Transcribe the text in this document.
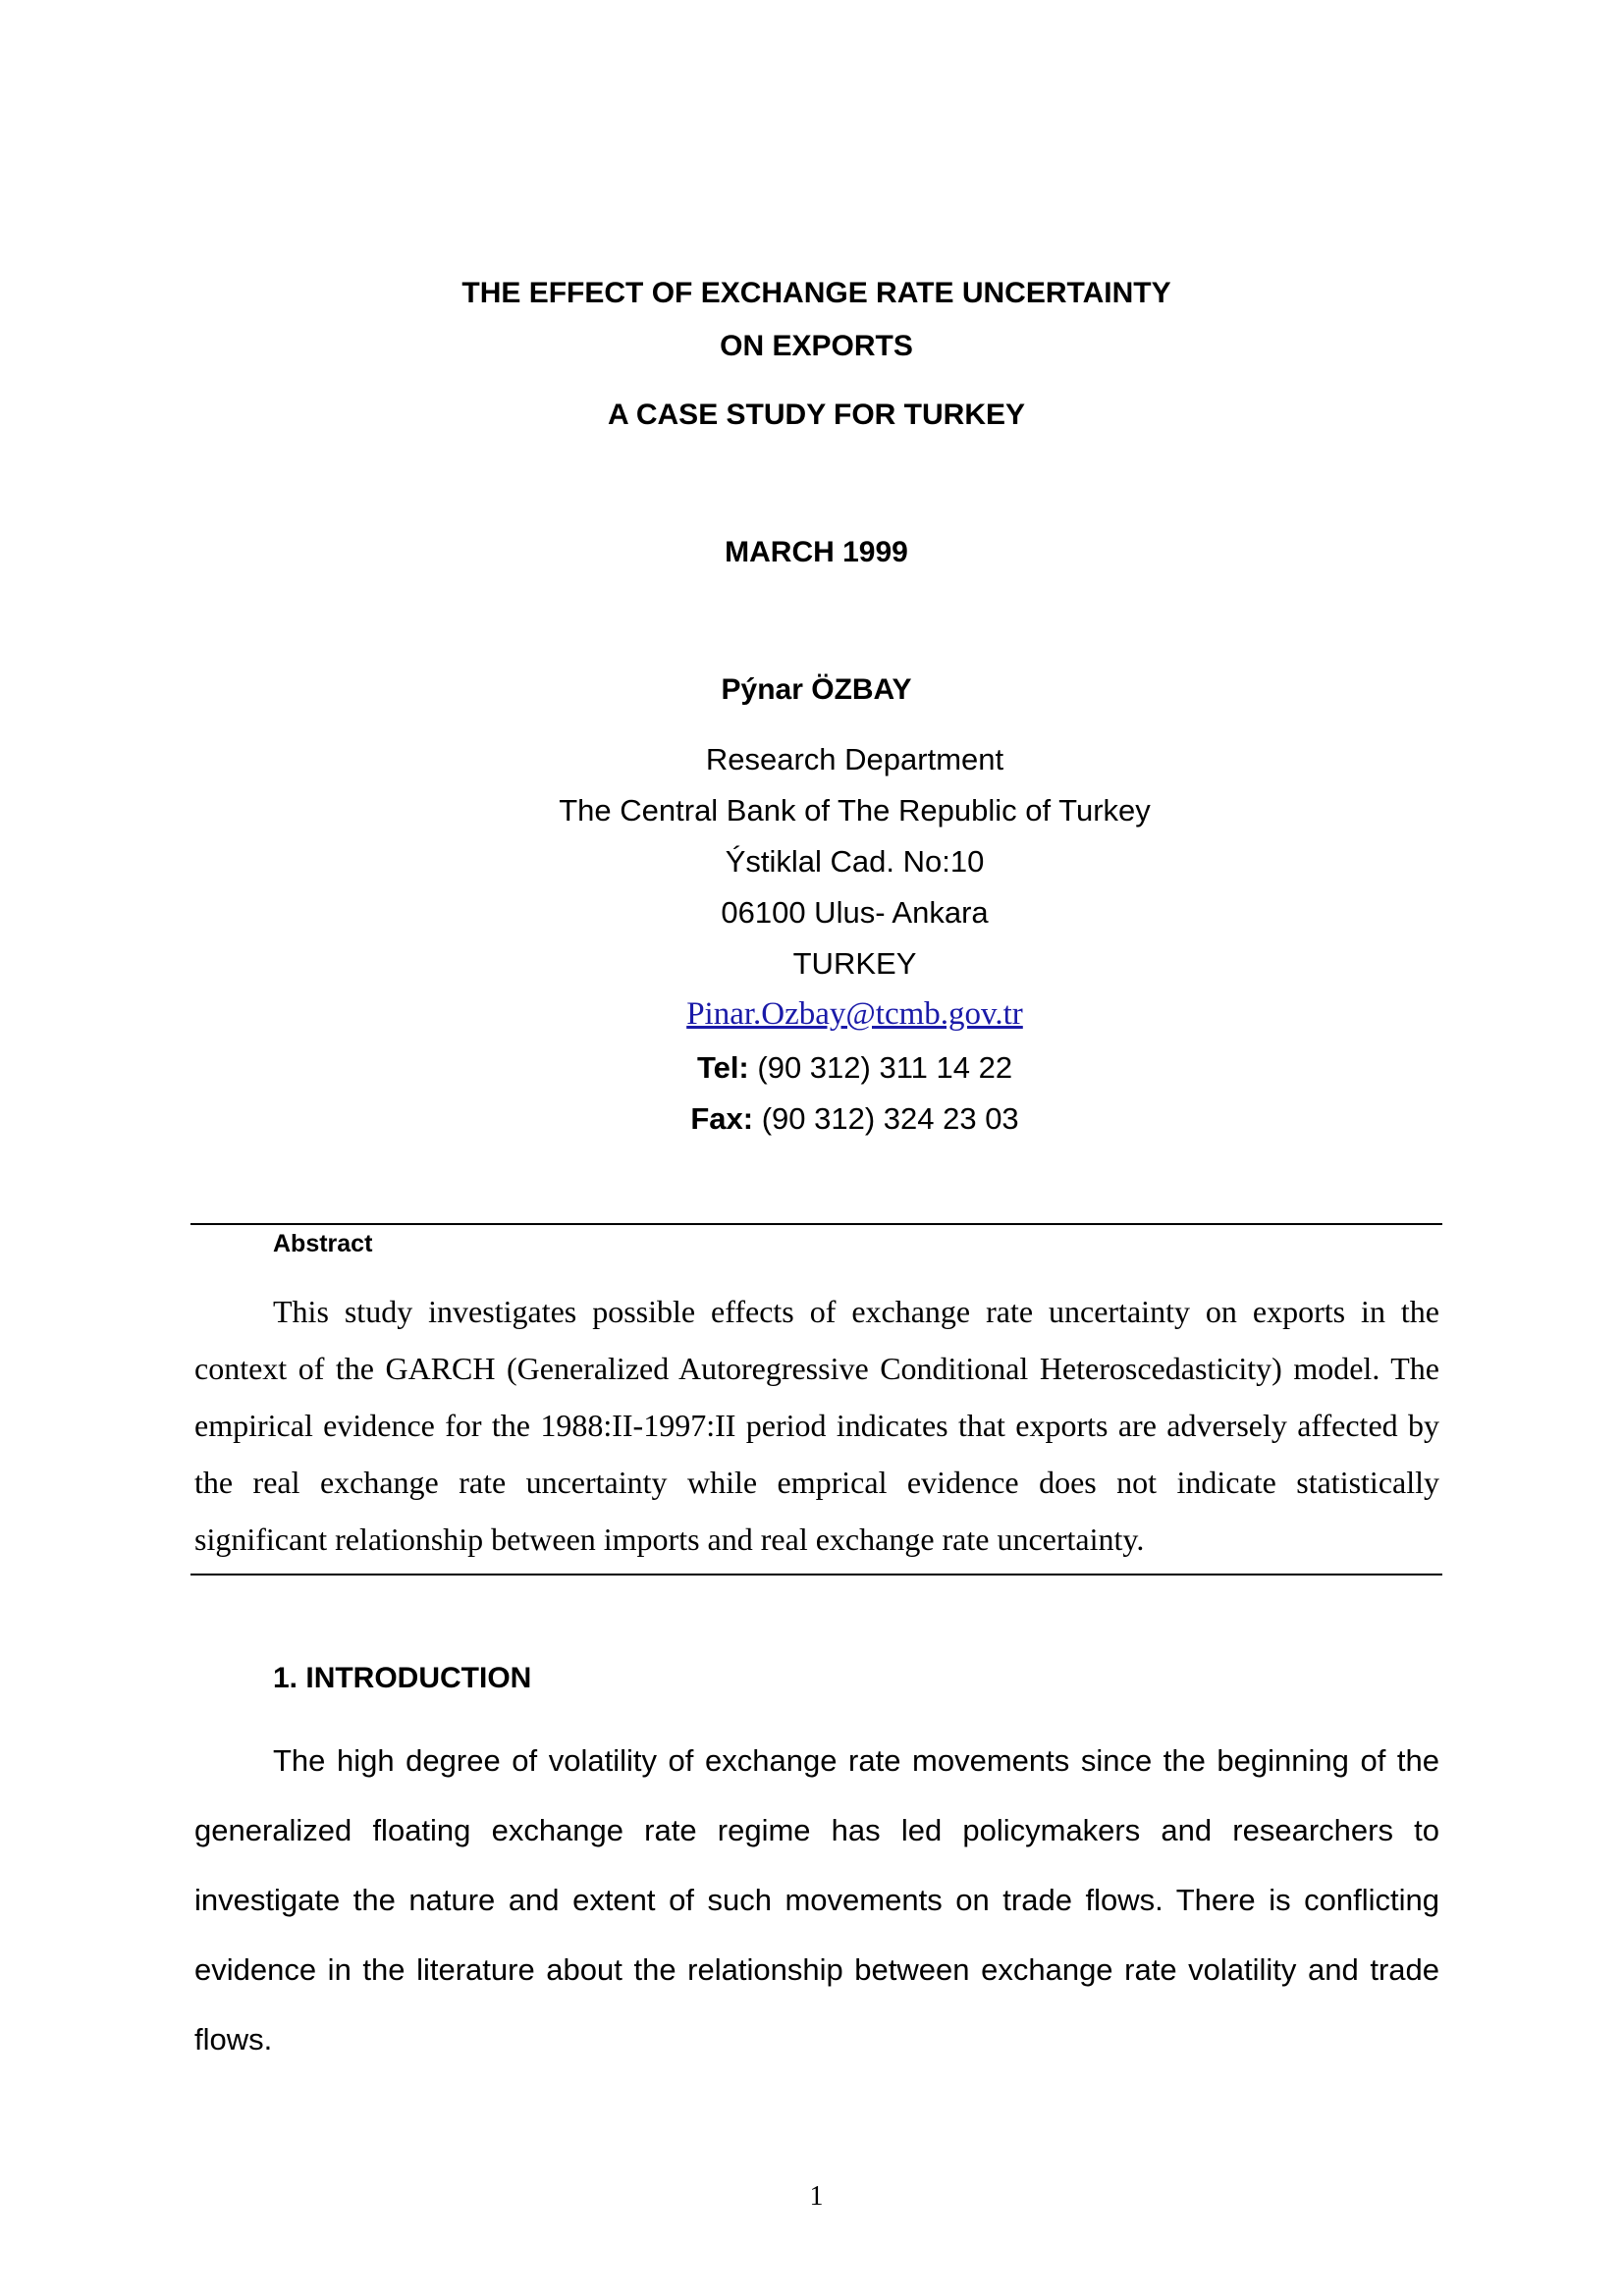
THE EFFECT OF EXCHANGE RATE UNCERTAINTY
ON EXPORTS
A CASE STUDY FOR TURKEY
MARCH 1999
Pýnar ÖZBAY
Research Department
The Central Bank of The Republic of Turkey
Ýstiklal Cad. No:10
06100 Ulus- Ankara
TURKEY
Pinar.Ozbay@tcmb.gov.tr
Tel: (90 312) 311 14 22
Fax: (90 312) 324 23 03
Abstract

This study investigates possible effects of exchange rate uncertainty on exports in the context of the GARCH (Generalized Autoregressive Conditional Heteroscedasticity) model. The empirical evidence for the 1988:II-1997:II period indicates that exports are adversely affected by the real exchange rate uncertainty while emprical evidence does not indicate statistically significant relationship between imports and real exchange rate uncertainty.

1. INTRODUCTION

The high degree of volatility of exchange rate movements since the beginning of the generalized floating exchange rate regime has led policymakers and researchers to investigate the nature and extent of such movements on trade flows. There is conflicting evidence in the literature about the relationship between exchange rate volatility and trade flows.

1
